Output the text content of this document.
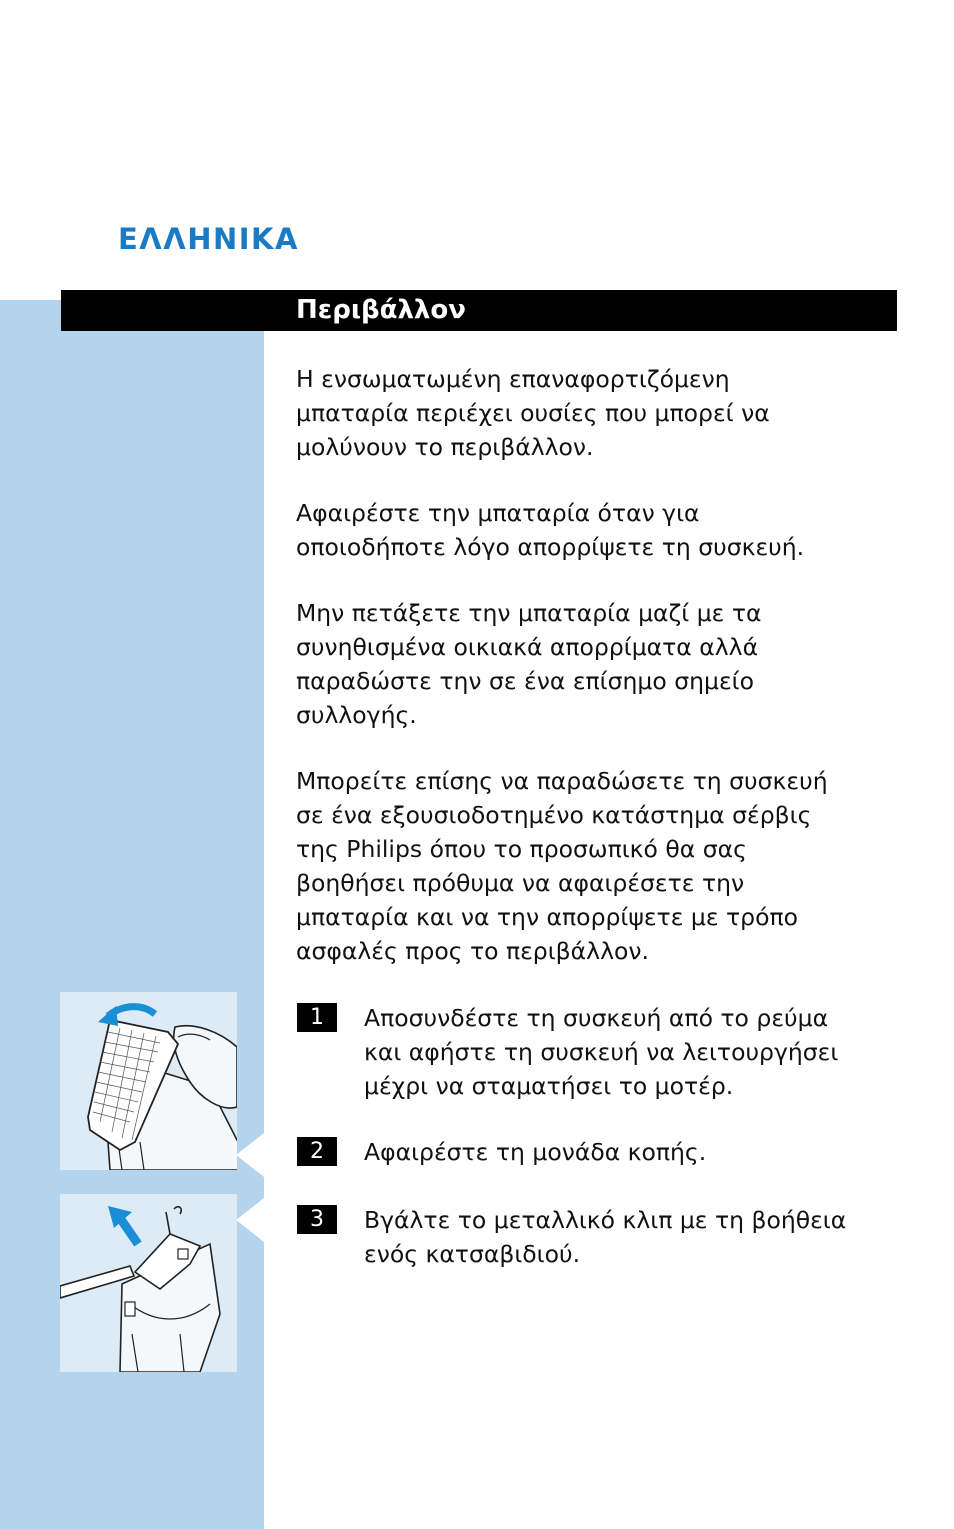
ΕΛΛΗΝΙΚΑ
Περιβάλλον

Η ενσωματωμένη επαναφορτιζόμενη
μπαταρία περιέχει ουσίες που μπορεί να
μολύνουν το περιβάλλον.

Αφαιρέστε την μπαταρία όταν για
οποιοδήποτε λόγο απορρίψετε τη συσκευή.

Μην πετάξετε την μπαταρία μαζί με τα
συνηθισμένα οικιακά απορρίματα αλλά
παραδώστε την σε ένα επίσημο σημείο
συλλογής.

Μπορείτε επίσης να παραδώσετε τη συσκευή
σε ένα εξουσιοδοτημένο κατάστημα σέρβις
της Philips όπου το προσωπικό θα σας
βοηθήσει πρόθυμα να αφαιρέσετε την
μπαταρία και να την απορρίψετε με τρόπο
ασφαλές προς το περιβάλλον.

1	Αποσυνδέστε τη συσκευή από το ρεύμα
και αφήστε τη συσκευή να λειτουργήσει
μέχρι να σταματήσει το μοτέρ.

2	Αφαιρέστε τη μονάδα κοπής.

3	Βγάλτε το μεταλλικό κλιπ με τη βοήθεια
ενός κατσαβιδιού.
